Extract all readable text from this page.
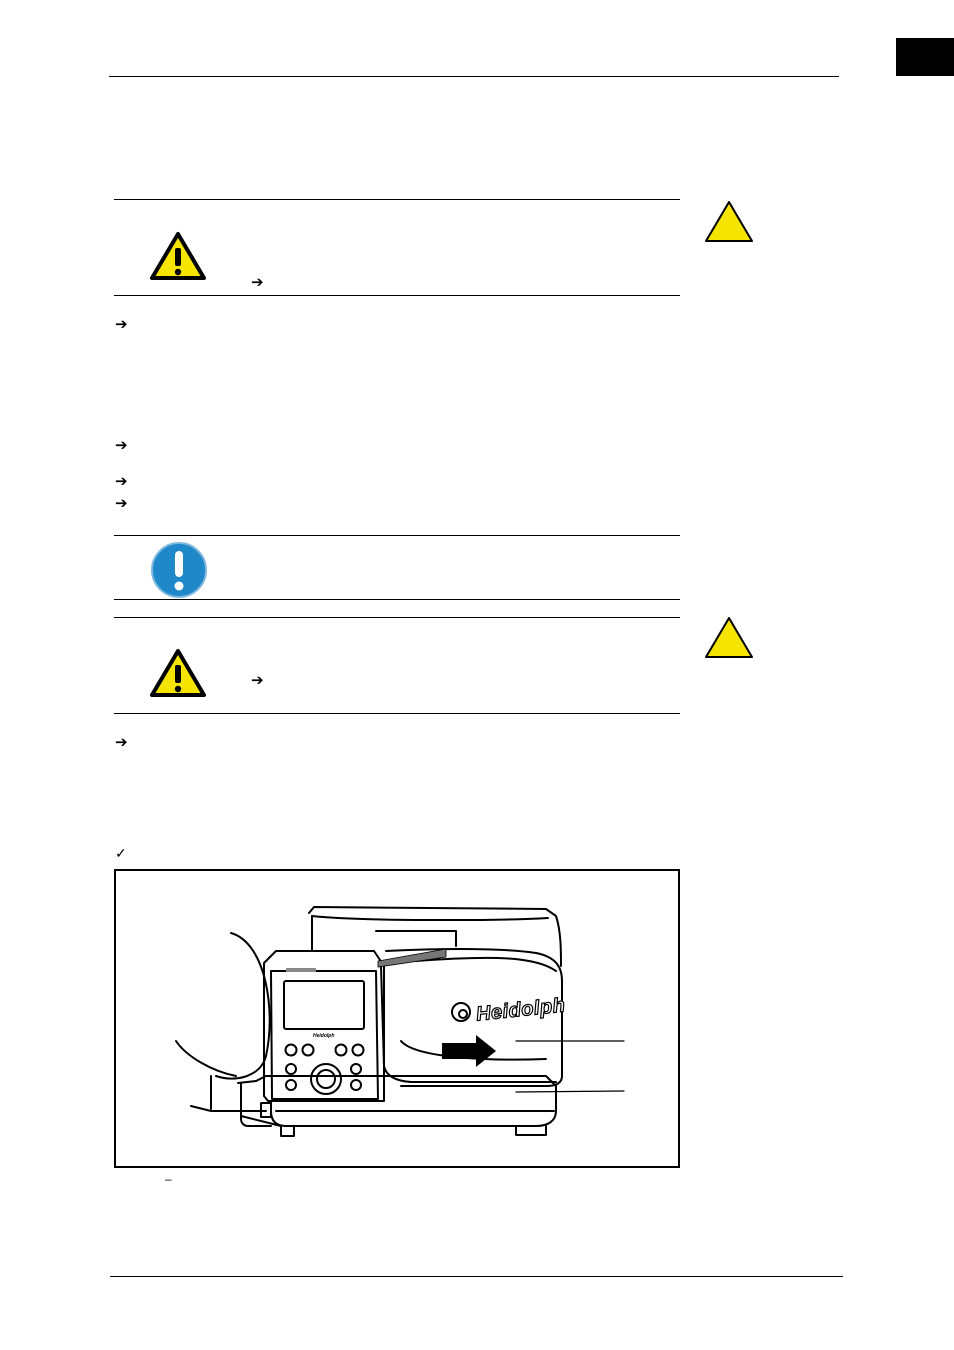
➔
➔
➔
➔
➔
➔
➔
✓
Heidolph
Heidolph
–
